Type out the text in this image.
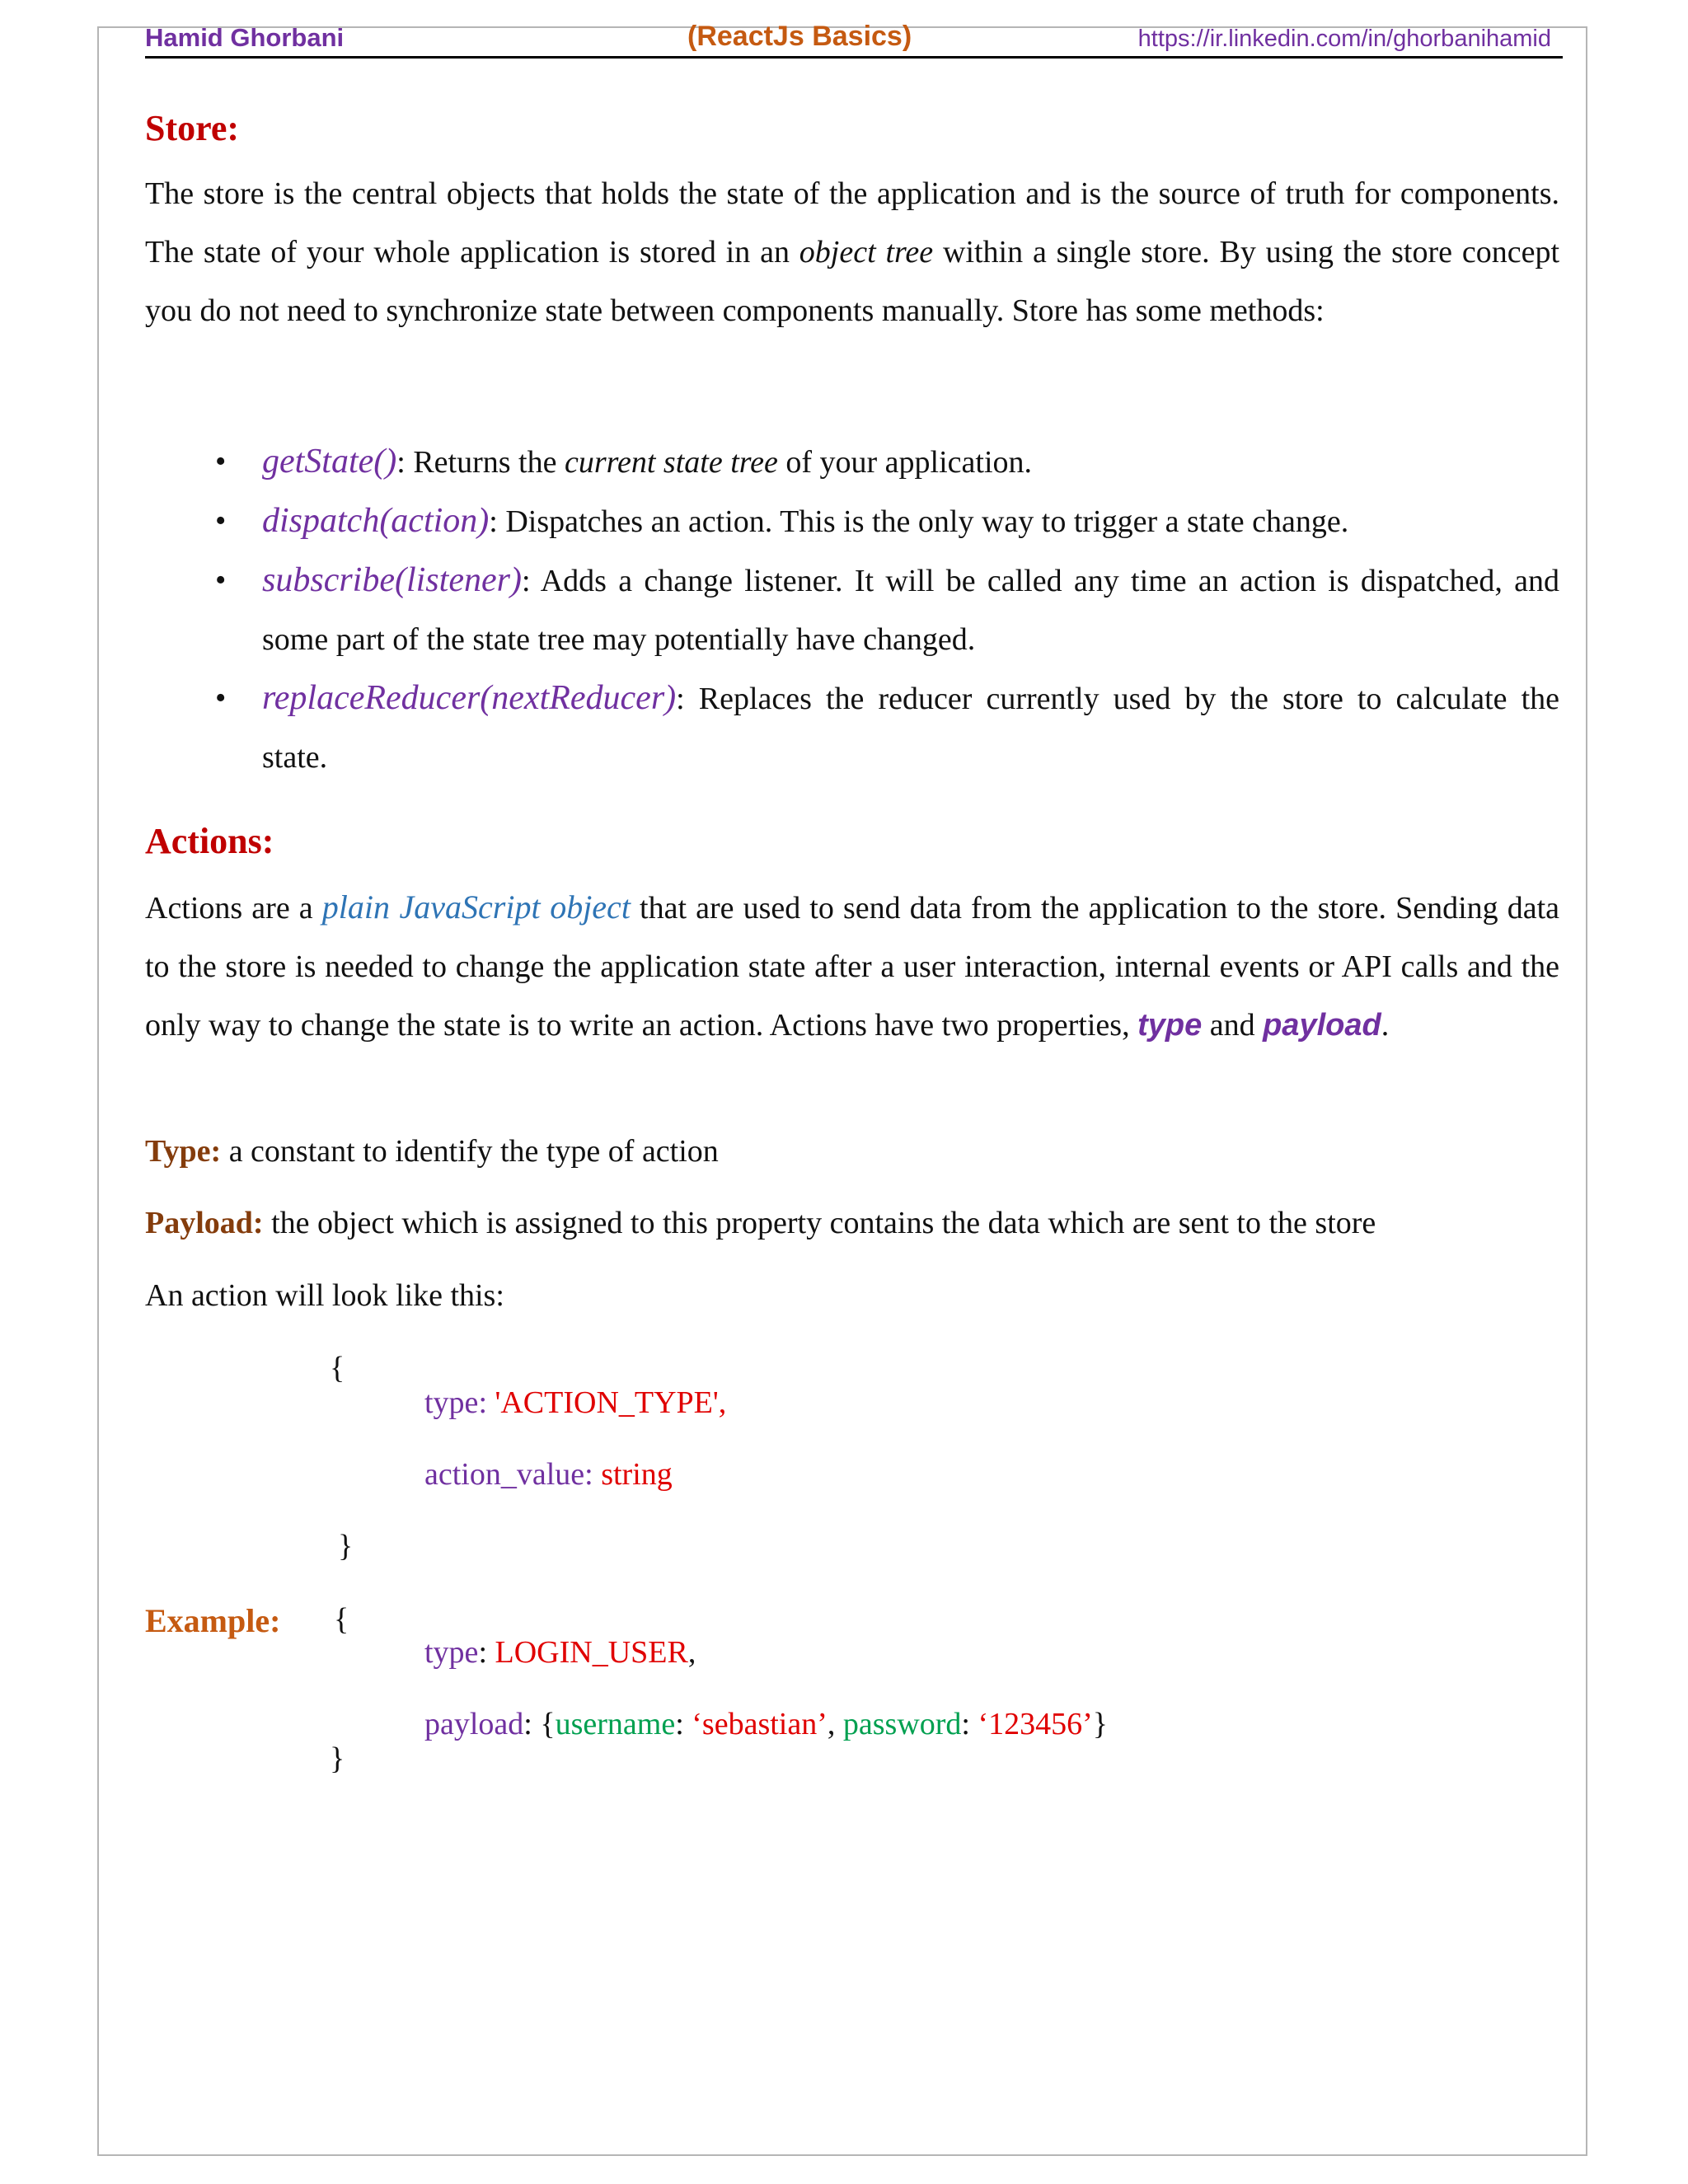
Hamid Ghorbani	(ReactJs Basics)	https://ir.linkedin.com/in/ghorbanihamid
Store:
The store is the central objects that holds the state of the application and is the source of truth for components. The state of your whole application is stored in an object tree within a single store. By using the store concept you do not need to synchronize state between components manually. Store has some methods:
• getState(): Returns the current state tree of your application.
• dispatch(action): Dispatches an action. This is the only way to trigger a state change.
• subscribe(listener): Adds a change listener. It will be called any time an action is dispatched, and some part of the state tree may potentially have changed.
• replaceReducer(nextReducer): Replaces the reducer currently used by the store to calculate the state.
Actions:
Actions are a plain JavaScript object that are used to send data from the application to the store. Sending data to the store is needed to change the application state after a user interaction, internal events or API calls and the only way to change the state is to write an action. Actions have two properties, type and payload.
Type: a constant to identify the type of action
Payload: the object which is assigned to this property contains the data which are sent to the store
An action will look like this:
{
type: 'ACTION_TYPE',
action_value: string
}
Example: {
type: LOGIN_USER,
payload: {username: ‘sebastian’, password: ‘123456’}
}
